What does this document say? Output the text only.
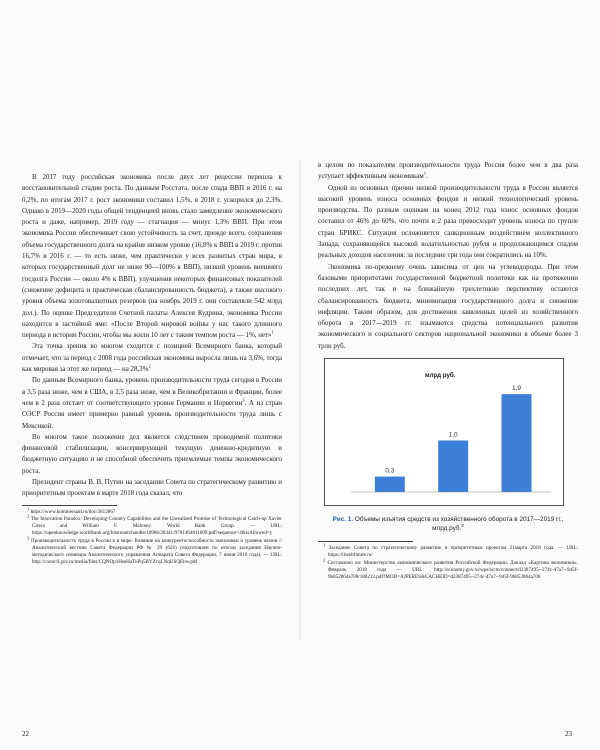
В 2017 году российская экономика после двух лет рецессии перешла к восстановительной стадии роста. По данным Росстата, после спада ВВП в 2016 г. на 0,2%, по итогам 2017 г. рост экономики составил 1,5%, в 2018 г. ускорился до 2,3%. Однако в 2019—2020 годы общей тенденцией вновь стало замедление экономического роста и даже, например, 2019 году — стагнация — минус 1,3% ВВП. При этом экономика России обеспечивает свою устойчивость за счет, прежде всего, сохранения объема государственного долга на крайне низком уровне (16,8% к ВВП в 2019 г. против 16,7% в 2016 г. — то есть ниже, чем практически у всех развитых стран мира, в которых государственный долг не ниже 90—100% к ВВП), низкий уровень внешнего госдолга России — около 4% к ВВП), улучшения некоторых финансовых показателей (снижение дефицита и практическая сбалансированность бюджета), а также высокого уровня объема золотовалютных резервов (на ноябрь 2019 г. они составляли 542 млрд дол.). По оценке Председателя Счетной палаты Алексея Кудрина, экономика России находится в застойной яме: «После Второй мировой войны у нас такого длинного периода в истории России, чтобы мы жили 10 лет с таким темпом роста — 1%, нет»$^1$

Эта точка зрения во многом сходится с позицией Всемирного банка, который отмечает, что за период с 2008 года российская экономика выросла лишь на 3,6%, тогда как мировая за этот же период — на 28,3%$^2$

По данным Всемирного банка, уровень производительности труда сегодня в России в 3,5 раза ниже, чем в США, в 2,5 раза ниже, чем в Великобритании и Франции, более чем в 2 раза отстает от соответствующего уровня Германии и Норвегии$^3$. А из стран ОЭСР Россия имеет примерно равный уровень производительности труда лишь с Мексикой.

Во многом такое положение дел является следствием проводимой политики финансовой стабилизации, консервирующей текущую денежно-кредитную и бюджетную ситуацию и не способной обеспечить приемлемые темпы экономического роста.

Президент страны В. В. Путин на заседании Совета по стратегическому развитию и приоритетным проектам в марте 2018 года сказал, что

$^1$ https://www.kommersant.ru/doc/3812867
$^2$ The Innovation Paradox: Developing-Country Capabilities and the Unrealized Promise of Technological Catch-up Xavier Cirera and William F. Maloney. World Bank Group. — URL: https://openknowledge.worldbank.org/bitstream/handle/10986/28341/9781464811609.pdf?sequence=4&isAllowed=y
$^3$ Производительность труда в России к в мире. Влияние на конкурентоспособность экономики и уровень жизни // Аналитический вестник Совета Федерации РФ № 29 (626) (подготовлен по итогам заседания Научно-методического семинара Аналитического управления Аппарата Совета Федерации, 7 июня 2016 года). — URL: http://council.gov.ru/media/files/CQNOp1HseHaTuPq5BYZcqLNqUSQEhw.pdf
22

в целом по показателям производительности труда Россия более чем в два раза уступает эффективным экономикам$^1$.

Одной из основных причин низкой производительности труда в России является высокий уровень износа основных фондов и низкий технологический уровень производства. По разным оценкам на конец 2012 года износ основных фондов составил от 46% до 60%, что почти в 2 раза превосходит уровень износа по группе стран БРИКС. Ситуация осложняется санкционным воздействием коллективного Запада, сохраняющейся высокой волатильностью рубля и продолжающимся спадом реальных доходов населения: за последние три года они сократились на 10%.

Экономика по-прежнему очень зависима от цен на углеводороды. При этом базовыми приоритетами государственной бюджетной политики как на протяжении последних лет, так и на ближайшую трехлетнюю перспективу остаются сбалансированность бюджета, минимизация государственного долга и снижение инфляции. Таким образом, для достижения заявленных целей из хозяйственного оборота в 2017—2019 гг. изымаются средства потенциального развития экономического и социального секторов национальной экономики в объеме более 3 трлн руб.

млрд руб.
0,3
1,0
1,9
Рис. 1. Объемы изъятия средств из хозяйственного оборота в 2017—2019 гг., млрд.руб.$^2$
$^1$ Заседание Совета по стратегическому развитию и приоритетным проектам 21марта 2018 года. — URL: https://itweitfuture.ru/
$^2$ Составлено по: Министерство экономического развития Российской Федерации. Доклад «Картина экономики». Февраль 2018 года — URL: http://economy.gov.ru/wps/wcm/connect/d2387495--274c-47a7--945f-9b852864a708/180213.pdf?MOD=AJPERES&CACHEID=d2387495--274c-47a7--945f-9b852864a708
23
